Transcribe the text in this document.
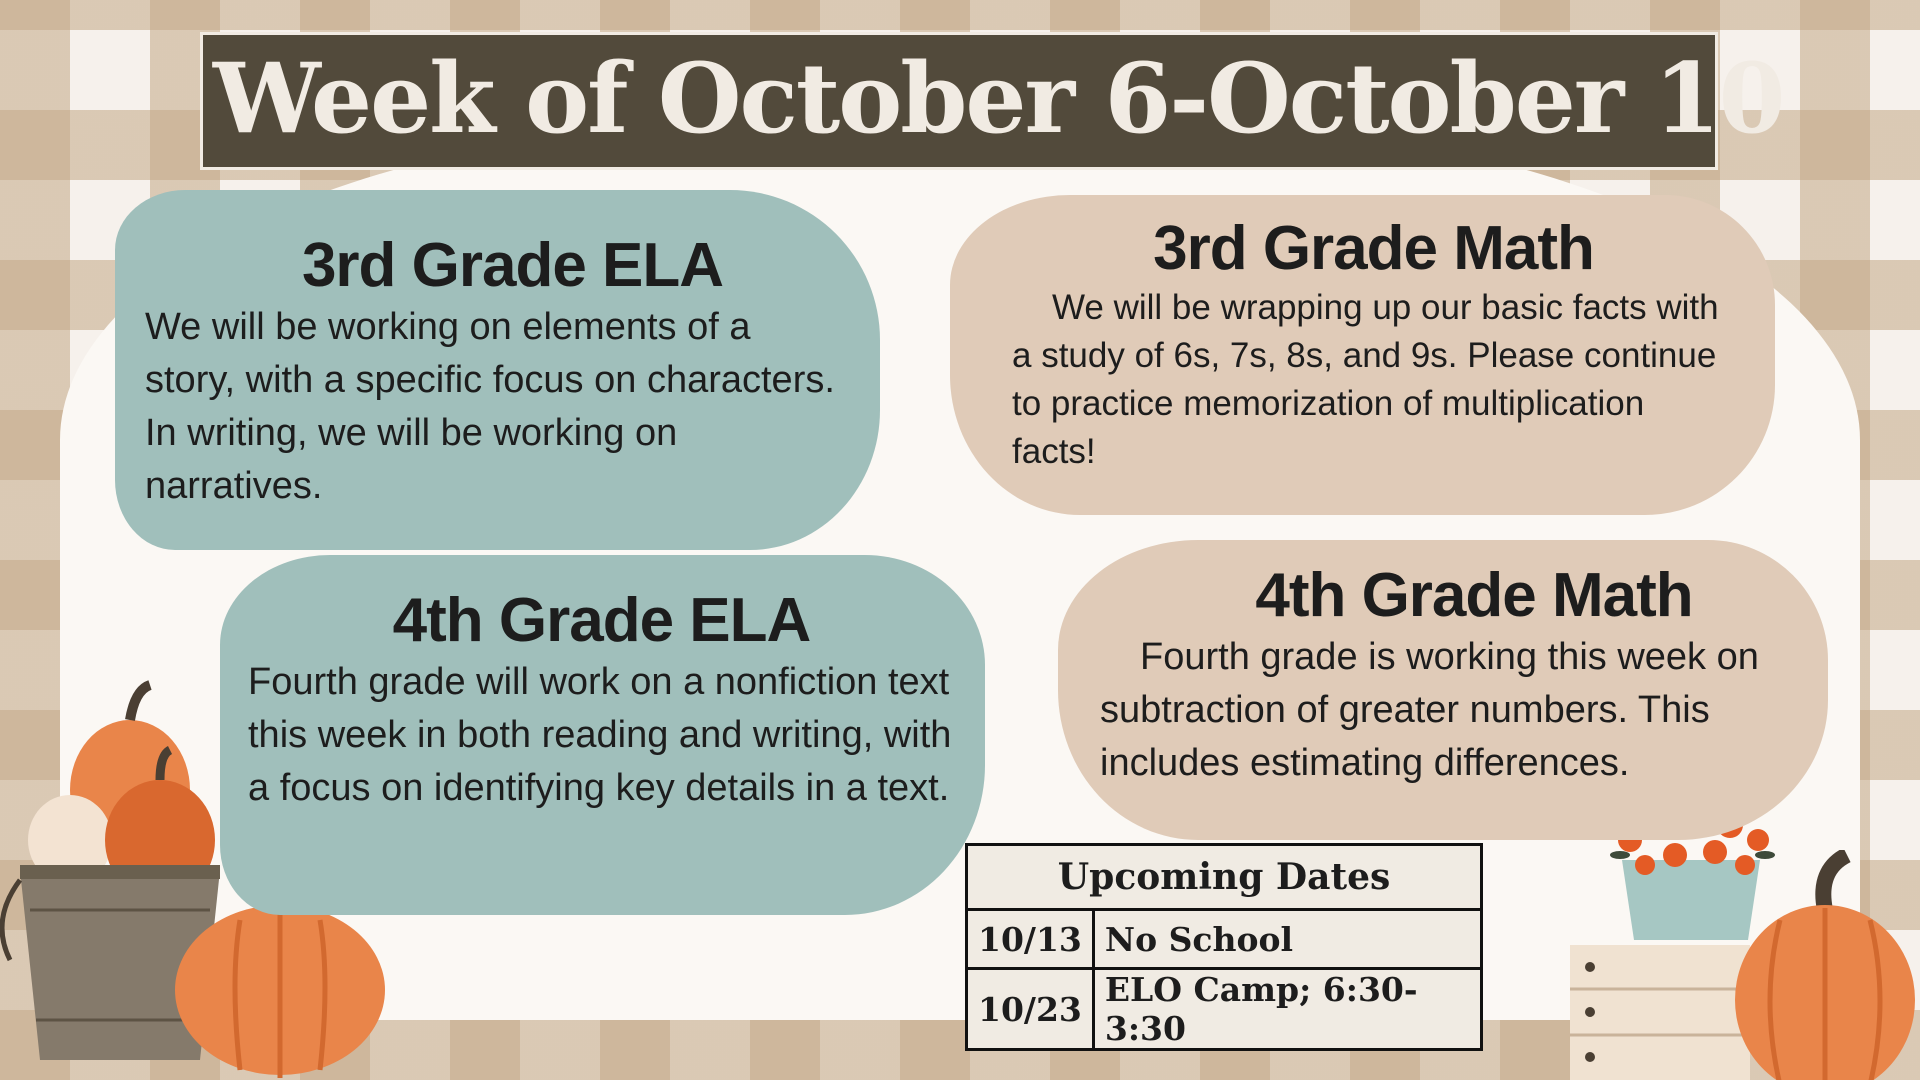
Week of October 6-October 10
3rd Grade ELA

We will be working on elements of a story, with a specific focus on characters. In writing, we will be working on narratives.

3rd Grade Math

We will be wrapping up our basic facts with a study of 6s, 7s, 8s, and 9s. Please continue to practice memorization of multiplication facts!

4th Grade ELA

Fourth grade will work on a nonfiction text this week in both reading and writing, with a focus on identifying key details in a text.

4th Grade Math

Fourth grade is working this week on subtraction of greater numbers. This includes estimating differences.

Upcoming Dates	
10/13	No School
10/23	ELO Camp; 6:30-3:30
